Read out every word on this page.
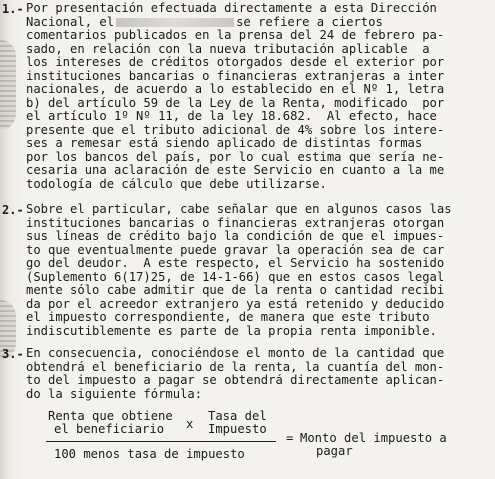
1.- Por presentación efectuada directamente a esta Dirección
Nacional, el	se refiere a ciertos
comentarios publicados en la prensa del 24 de febrero pa-
sado, en relación con la nueva tributación aplicable  a
los intereses de créditos otorgados desde el exterior por
instituciones bancarias o financieras extranjeras a inter
nacionales, de acuerdo a lo establecido en el Nº 1, letra
b) del artículo 59 de la Ley de la Renta, modificado  por
el artículo 1º Nº 11, de la ley 18.682.  Al efecto, hace
presente que el tributo adicional de 4% sobre los intere-
ses a remesar está siendo aplicado de distintas formas
por los bancos del país, por lo cual estima que sería ne-
cesaria una aclaración de este Servicio en cuanto a la me
todología de cálculo que debe utilizarse.
2.- Sobre el particular, cabe señalar que en algunos casos las
instituciones bancarias o financieras extranjeras otorgan
sus líneas de crédito bajo la condición de que el impues-
to que eventualmente puede gravar la operación sea de car
go del deudor.  A este respecto, el Servicio ha sostenido
(Suplemento 6(17)25, de 14-1-66) que en estos casos legal
mente sólo cabe admitir que de la renta o cantidad recibi
da por el acreedor extranjero ya está retenido y deducido
el impuesto correspondiente, de manera que este tributo
indiscutiblemente es parte de la propia renta imponible.
3.- En consecuencia, conociéndose el monto de la cantidad que
obtendrá el beneficiario de la renta, la cuantía del mon-
to del impuesto a pagar se obtendrá directamente aplican-
do la siguiente fórmula:
Renta que obtiene
el beneficiario x
Tasa del
Impuesto
100 menos tasa de impuesto
= Monto del impuesto a
pagar
